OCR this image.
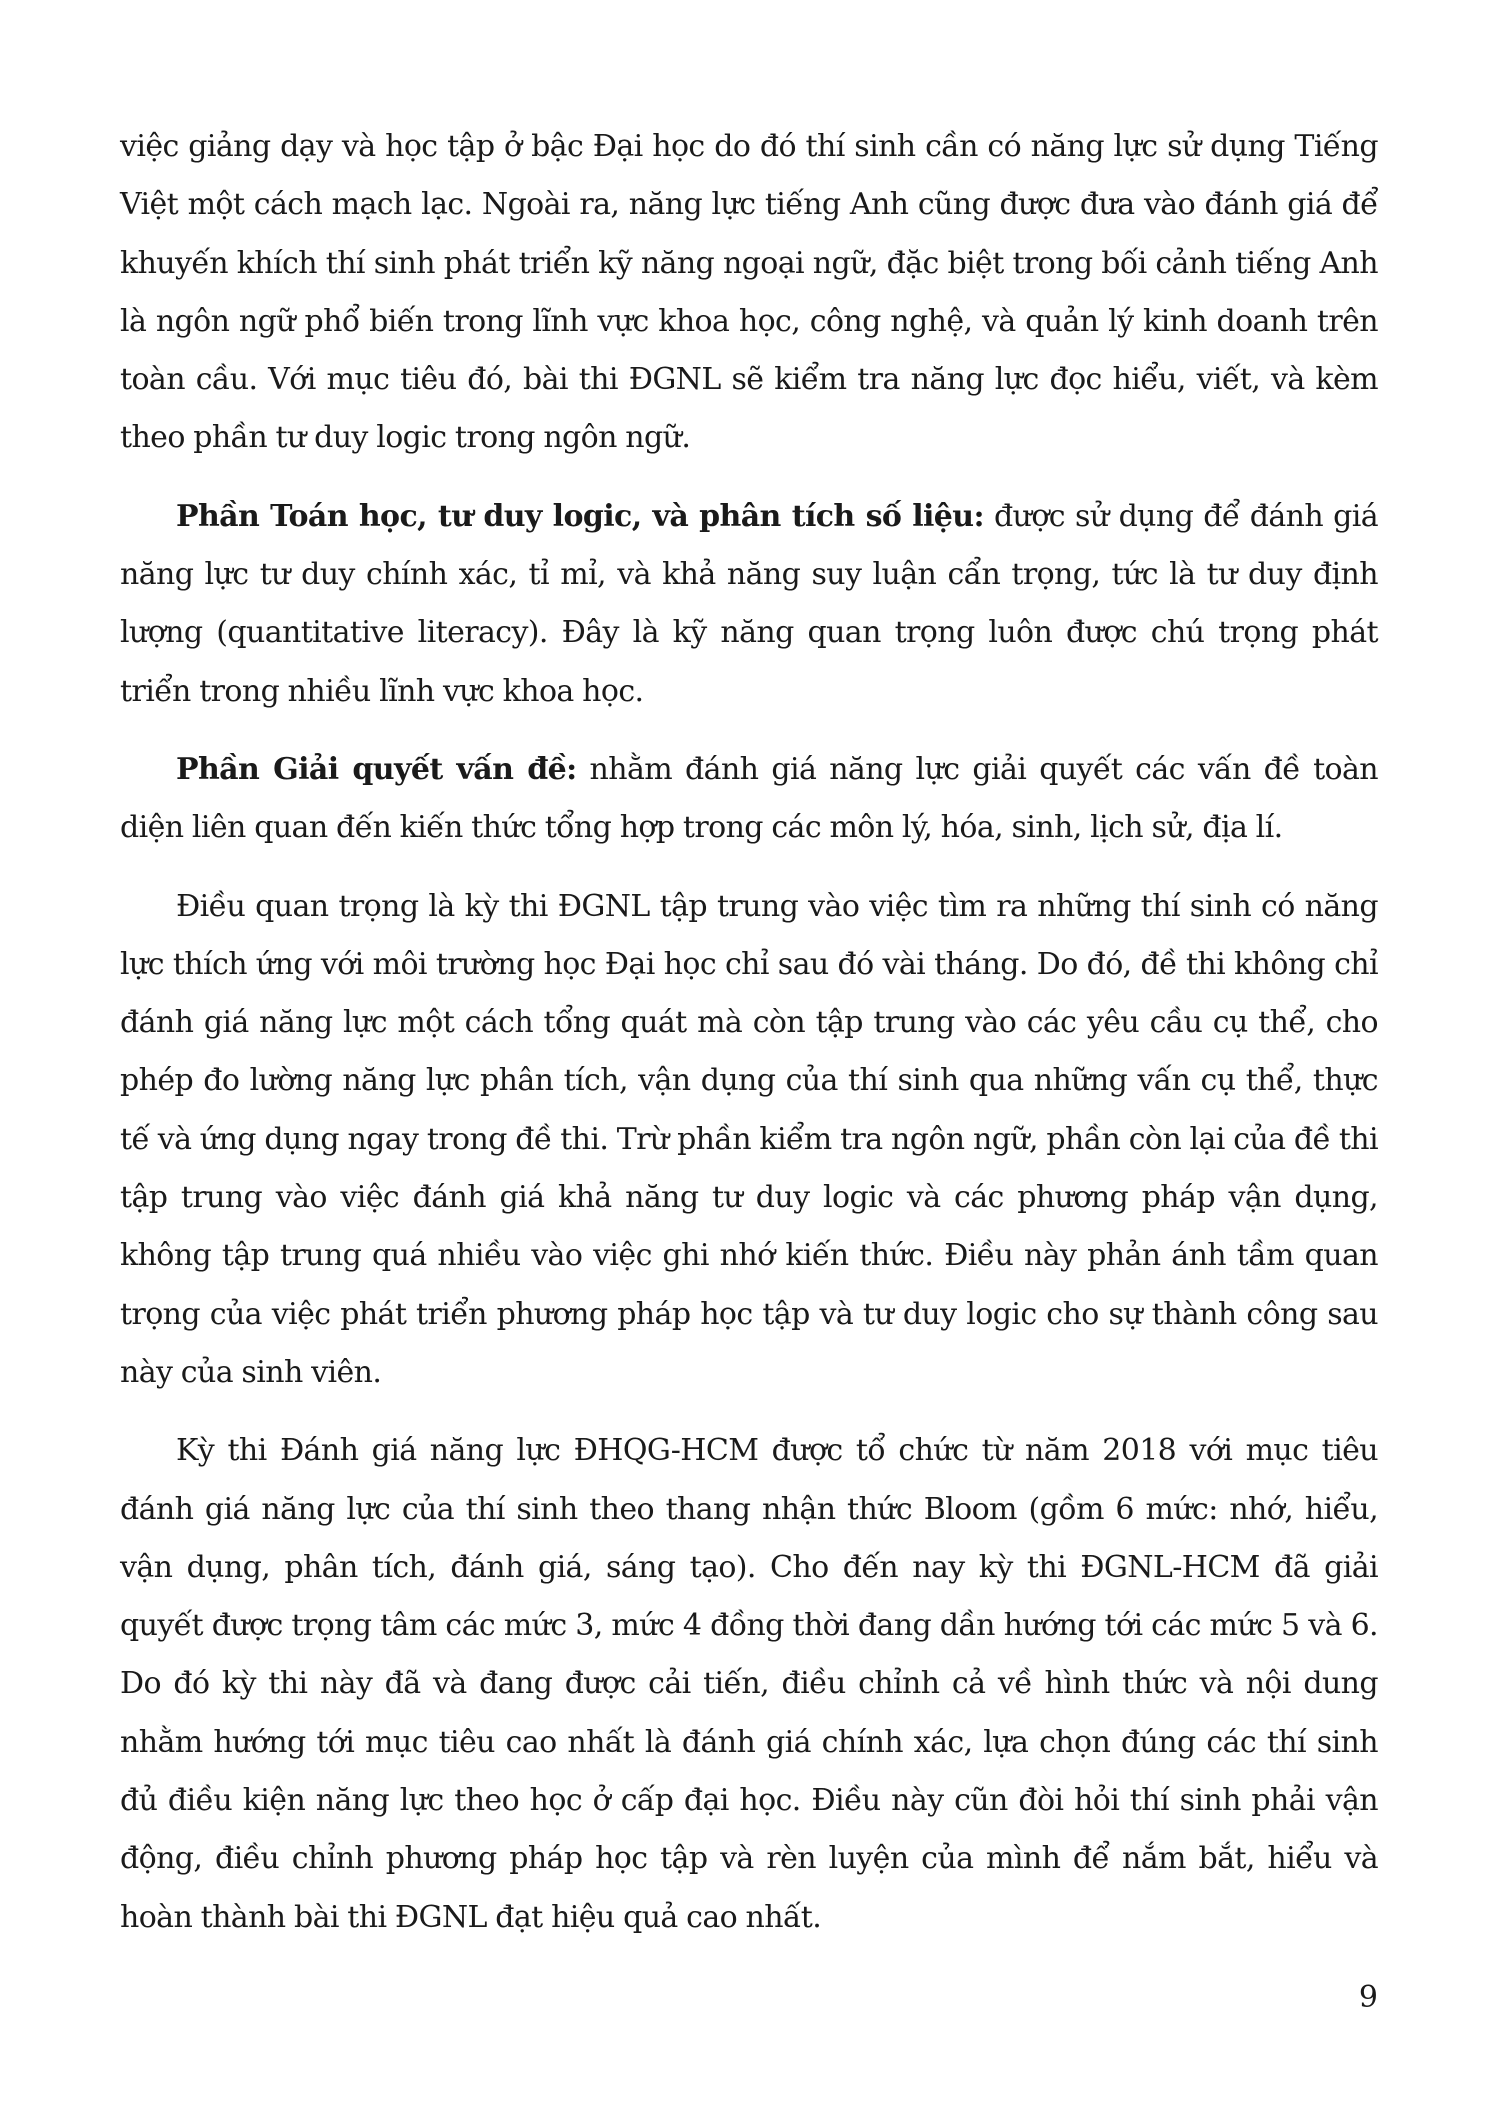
việc giảng dạy và học tập ở bậc Đại học do đó thí sinh cần có năng lực sử dụng Tiếng Việt một cách mạch lạc. Ngoài ra, năng lực tiếng Anh cũng được đưa vào đánh giá để khuyến khích thí sinh phát triển kỹ năng ngoại ngữ, đặc biệt trong bối cảnh tiếng Anh là ngôn ngữ phổ biến trong lĩnh vực khoa học, công nghệ, và quản lý kinh doanh trên toàn cầu. Với mục tiêu đó, bài thi ĐGNL sẽ kiểm tra năng lực đọc hiểu, viết, và kèm theo phần tư duy logic trong ngôn ngữ.

Phần Toán học, tư duy logic, và phân tích số liệu: được sử dụng để đánh giá năng lực tư duy chính xác, tỉ mỉ, và khả năng suy luận cẩn trọng, tức là tư duy định lượng (quantitative literacy). Đây là kỹ năng quan trọng luôn được chú trọng phát triển trong nhiều lĩnh vực khoa học.

Phần Giải quyết vấn đề: nhằm đánh giá năng lực giải quyết các vấn đề toàn diện liên quan đến kiến thức tổng hợp trong các môn lý, hóa, sinh, lịch sử, địa lí.

Điều quan trọng là kỳ thi ĐGNL tập trung vào việc tìm ra những thí sinh có năng lực thích ứng với môi trường học Đại học chỉ sau đó vài tháng. Do đó, đề thi không chỉ đánh giá năng lực một cách tổng quát mà còn tập trung vào các yêu cầu cụ thể, cho phép đo lường năng lực phân tích, vận dụng của thí sinh qua những vấn cụ thể, thực tế và ứng dụng ngay trong đề thi. Trừ phần kiểm tra ngôn ngữ, phần còn lại của đề thi tập trung vào việc đánh giá khả năng tư duy logic và các phương pháp vận dụng, không tập trung quá nhiều vào việc ghi nhớ kiến thức. Điều này phản ánh tầm quan trọng của việc phát triển phương pháp học tập và tư duy logic cho sự thành công sau này của sinh viên.

Kỳ thi Đánh giá năng lực ĐHQG-HCM được tổ chức từ năm 2018 với mục tiêu đánh giá năng lực của thí sinh theo thang nhận thức Bloom (gồm 6 mức: nhớ, hiểu, vận dụng, phân tích, đánh giá, sáng tạo). Cho đến nay kỳ thi ĐGNL-HCM đã giải quyết được trọng tâm các mức 3, mức 4 đồng thời đang dần hướng tới các mức 5 và 6. Do đó kỳ thi này đã và đang được cải tiến, điều chỉnh cả về hình thức và nội dung nhằm hướng tới mục tiêu cao nhất là đánh giá chính xác, lựa chọn đúng các thí sinh đủ điều kiện năng lực theo học ở cấp đại học. Điều này cũn đòi hỏi thí sinh phải vận động, điều chỉnh phương pháp học tập và rèn luyện của mình để nắm bắt, hiểu và hoàn thành bài thi ĐGNL đạt hiệu quả cao nhất.

9
